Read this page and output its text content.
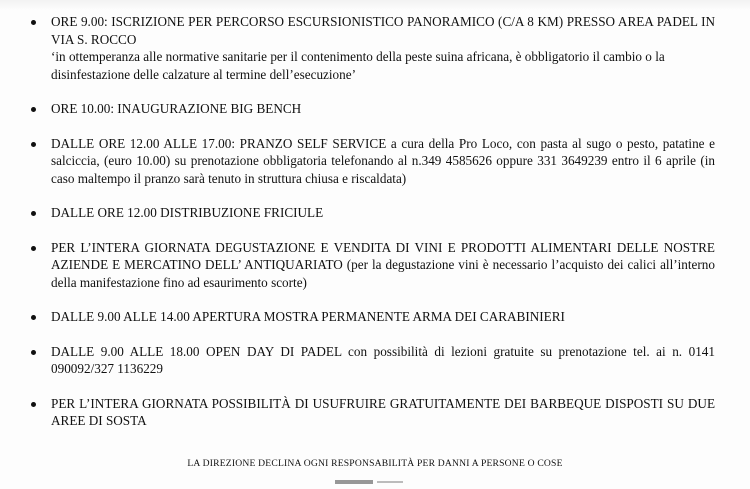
ORE 9.00: ISCRIZIONE PER PERCORSO ESCURSIONISTICO PANORAMICO (C/A 8 KM) PRESSO AREA PADEL IN VIA S. ROCCO
‘in ottemperanza alle normative sanitarie per il contenimento della peste suina africana, è obbligatorio il cambio o la disinfestazione delle calzature al termine dell’esecuzione’
ORE 10.00: INAUGURAZIONE BIG BENCH
DALLE ORE 12.00 ALLE 17.00: PRANZO SELF SERVICE a cura della Pro Loco, con pasta al sugo o pesto, patatine e salciccia, (euro 10.00) su prenotazione obbligatoria telefonando al n.349 4585626 oppure 331 3649239 entro il 6 aprile (in caso maltempo il pranzo sarà tenuto in struttura chiusa e riscaldata)
DALLE ORE 12.00 DISTRIBUZIONE FRICIULE
PER L’INTERA GIORNATA DEGUSTAZIONE E VENDITA DI VINI E PRODOTTI ALIMENTARI DELLE NOSTRE AZIENDE E MERCATINO DELL’ ANTIQUARIATO (per la degustazione vini è necessario l’acquisto dei calici all’interno della manifestazione fino ad esaurimento scorte)
DALLE 9.00 ALLE 14.00 APERTURA MOSTRA PERMANENTE ARMA DEI CARABINIERI
DALLE 9.00 ALLE 18.00 OPEN DAY DI PADEL con possibilità di lezioni gratuite su prenotazione tel. ai n. 0141 090092/327 1136229
PER L’INTERA GIORNATA POSSIBILITÀ DI USUFRUIRE GRATUITAMENTE DEI BARBEQUE DISPOSTI SU DUE AREE DI SOSTA
LA DIREZIONE DECLINA OGNI RESPONSABILITÀ PER DANNI A PERSONE O COSE
